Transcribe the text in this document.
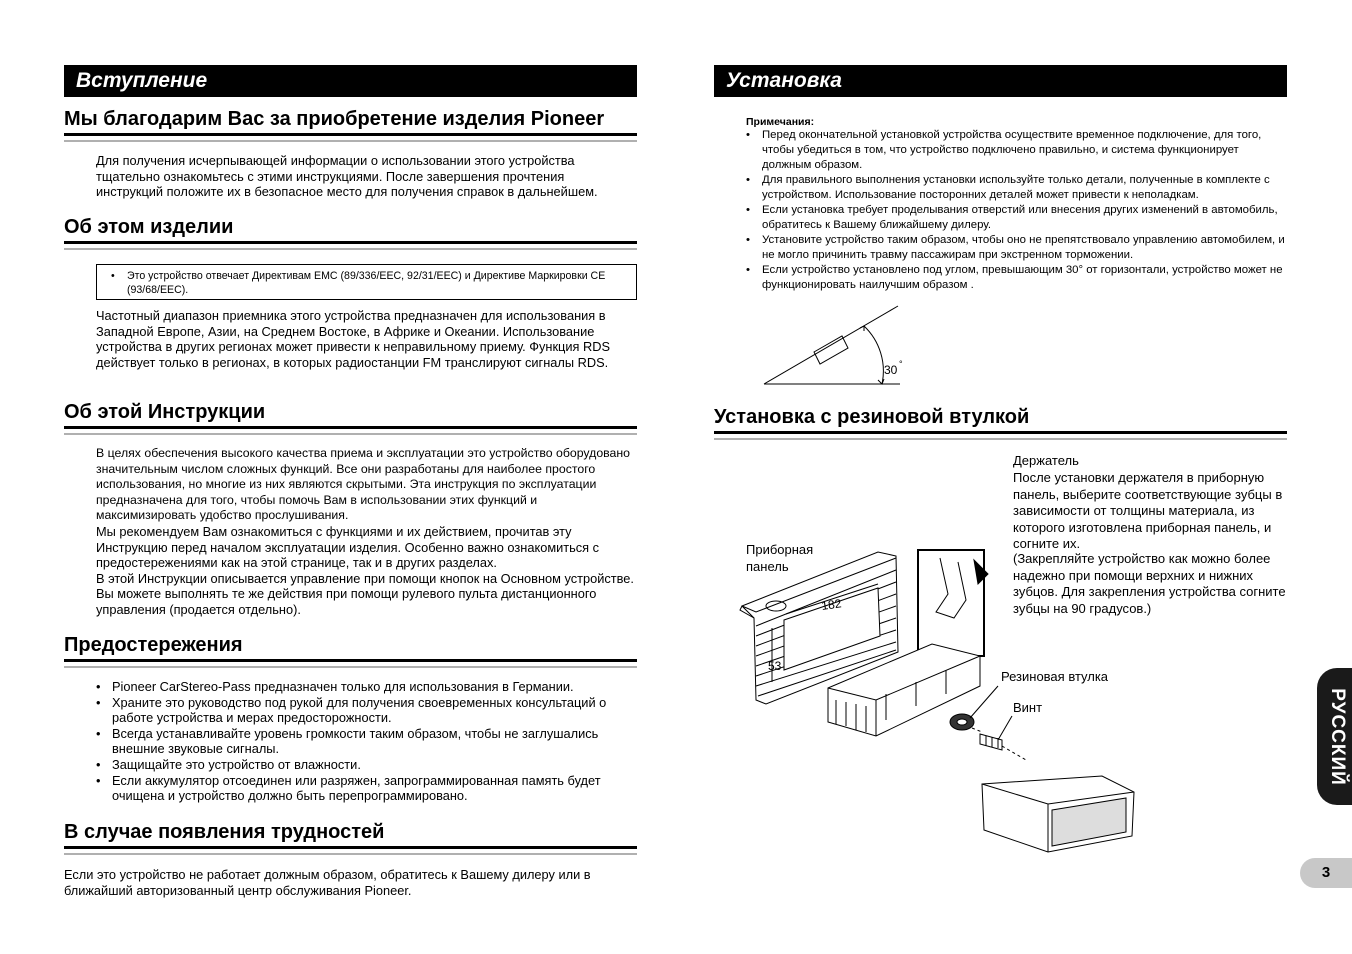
Вступление
Мы благодарим Вас за приобретение изделия Pioneer

Для получения исчерпывающей информации о использовании этого устройства тщательно ознакомьтесь с этими инструкциями. После завершения прочтения инструкций положите их в безопасное место для получения справок в дальнейшем.

Об этом изделии
• Это устройство отвечает Директивам EMC (89/336/EEC, 92/31/EEC) и Директиве Маркировки CE (93/68/EEC).

Частотный диапазон приемника этого устройства предназначен для использования в Западной Европе, Азии, на Среднем Востоке, в Африке и Океании. Использование устройства в других регионах может привести к неправильному приему. Функция RDS действует только в регионах, в которых радиостанции FM транслируют сигналы RDS.

Об этой Инструкции

В целях обеспечения высокого качества приема и эксплуатации это устройство оборудовано значительным числом сложных функций. Все они разработаны для наиболее простого использования, но многие из них являются скрытыми. Эта инструкция по эксплуатации предназначена для того, чтобы помочь Вам в использовании этих функций и максимизировать удобство прослушивания.

Мы рекомендуем Вам ознакомиться с функциями и их действием, прочитав эту Инструкцию перед началом эксплуатации изделия. Особенно важно ознакомиться с предостережениями как на этой странице, так и в других разделах.

В этой Инструкции описывается управление при помощи кнопок на Основном устройстве. Вы можете выполнять те же действия при помощи рулевого пульта дистанционного управления (продается отдельно).

Предостережения
• Pioneer CarStereo-Pass предназначен только для использования в Германии.
• Храните это руководство под рукой для получения своевременных консультаций о работе устройства и мерах предосторожности.
• Всегда устанавливайте уровень громкости таким образом, чтобы не заглушались внешние звуковые сигналы.
• Защищайте это устройство от влажности.
• Если аккумулятор отсоединен или разряжен, запрограммированная память будет очищена и устройство должно быть перепрограммировано.
В случае появления трудностей

Если это устройство не работает должным образом, обратитесь к Вашему дилеру или в ближайший авторизованный центр обслуживания Pioneer.

Установка
Примечания:
• Перед окончательной установкой устройства осуществите временное подключение, для того, чтобы убедиться в том, что устройство подключено правильно, и система функционирует должным образом.
• Для правильного выполнения установки используйте только детали, полученные в комплекте с устройством. Использование посторонних деталей может привести к неполадкам.
• Если установка требует проделывания отверстий или внесения других изменений в автомобиль, обратитесь к Вашему ближайшему дилеру.
• Установите устройство таким образом, чтобы оно не препятствовало управлению автомобилем, и не могло причинить травму пассажирам при экстренном торможении.
• Если устройство установлено под углом, превышающим 30° от горизонтали, устройство может не функционировать наилучшим образом .
30 °
Установка с резиновой втулкой
Держатель
После установки держателя в приборную панель, выберите соответствующие зубцы в зависимости от толщины материала, из которого изготовлена приборная панель, и согните их.
(Закрепляйте устройство как можно более надежно при помощи верхних и нижних зубцов. Для закрепления устройства согните зубцы на 90 градусов.)
Приборная панель
Резиновая втулка
Винт
182
53
РУССКИЙ
3
